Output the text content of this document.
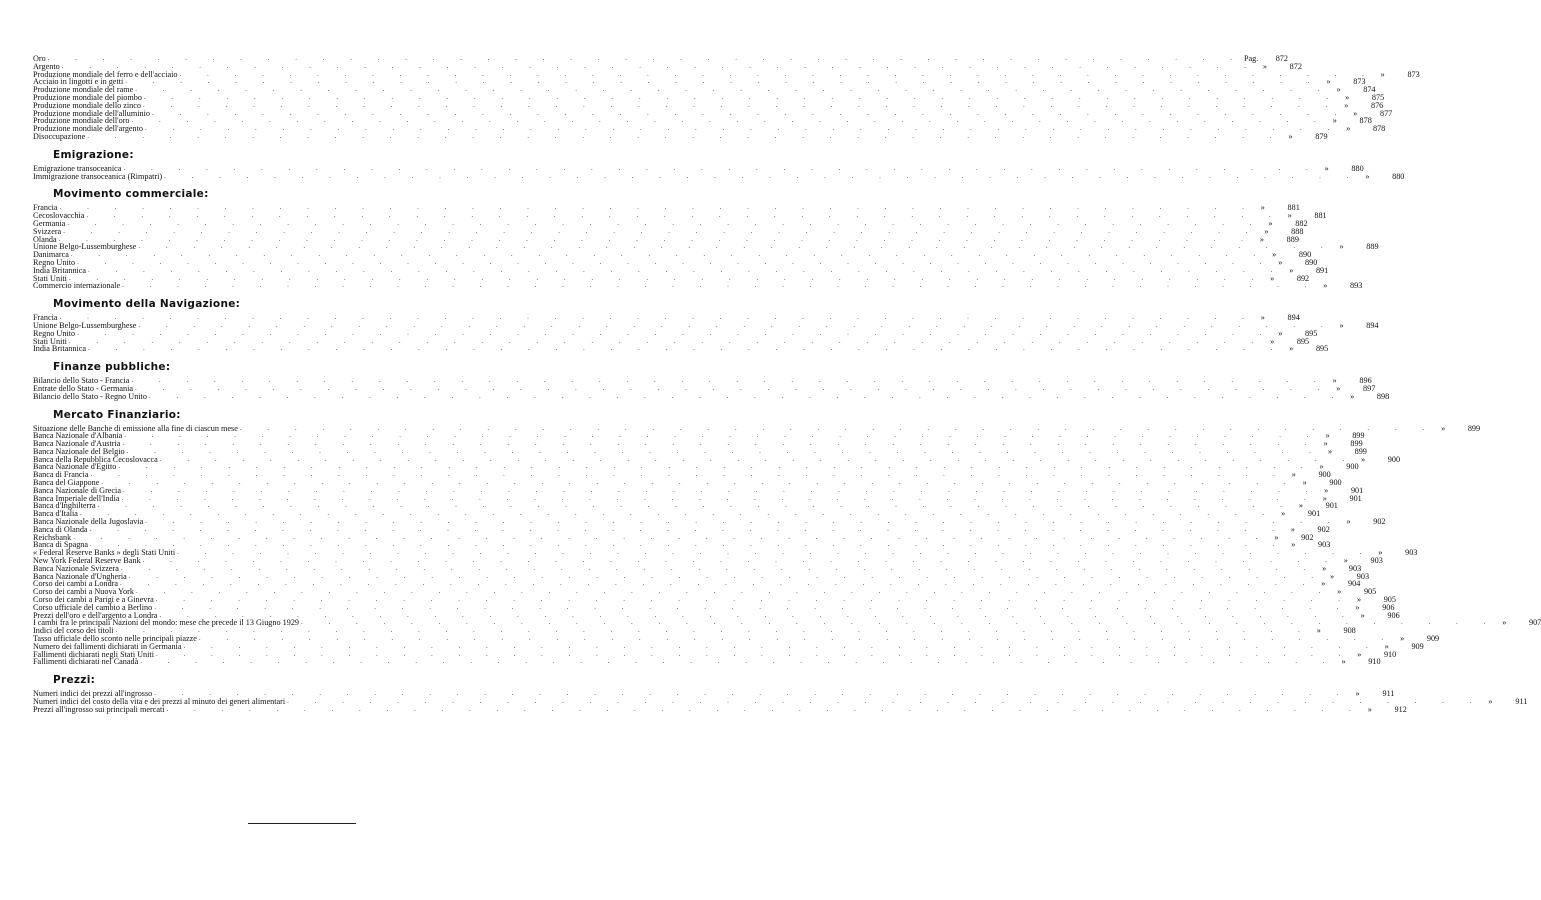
Oro . . . . . . . . . . . . . . . . . . . . . . . . . . . . . . . . . . . . . . . . . . . . Pag.	872
Argento . . . . . . . . . . . . . . . . . . . . . . . . . . . . . . . . . . . . . . . . . . . . »	872
Produzione mondiale del ferro e dell'acciaio . . . . . . . . . . . . . . . . . . . . . . . . . . . . . . . . . . . . . . . . . . . . »	873
Acciaio in lingotti e in getti . . . . . . . . . . . . . . . . . . . . . . . . . . . . . . . . . . . . . . . . . . . . »	873
Produzione mondiale del rame . . . . . . . . . . . . . . . . . . . . . . . . . . . . . . . . . . . . . . . . . . . . »	874
Produzione mondiale del piombo . . . . . . . . . . . . . . . . . . . . . . . . . . . . . . . . . . . . . . . . . . . . »	875
Produzione mondiale dello zinco . . . . . . . . . . . . . . . . . . . . . . . . . . . . . . . . . . . . . . . . . . . . »	876
Produzione mondiale dell'alluminio . . . . . . . . . . . . . . . . . . . . . . . . . . . . . . . . . . . . . . . . . . . . »	877
Produzione mondiale dell'oro . . . . . . . . . . . . . . . . . . . . . . . . . . . . . . . . . . . . . . . . . . . . »	878
Produzione mondiale dell'argento . . . . . . . . . . . . . . . . . . . . . . . . . . . . . . . . . . . . . . . . . . . . »	878
Disoccupazione . . . . . . . . . . . . . . . . . . . . . . . . . . . . . . . . . . . . . . . . . . . . »	879
Emigrazione:
Emigrazione transoceanica . . . . . . . . . . . . . . . . . . . . . . . . . . . . . . . . . . . . . . . . . . . . »	880
Immigrazione transoceanica (Rimpatri) . . . . . . . . . . . . . . . . . . . . . . . . . . . . . . . . . . . . . . . . . . . . »	880
Movimento commerciale:
Francia . . . . . . . . . . . . . . . . . . . . . . . . . . . . . . . . . . . . . . . . . . . . »	881
Cecoslovacchia . . . . . . . . . . . . . . . . . . . . . . . . . . . . . . . . . . . . . . . . . . . . »	881
Germania . . . . . . . . . . . . . . . . . . . . . . . . . . . . . . . . . . . . . . . . . . . . »	882
Svizzera . . . . . . . . . . . . . . . . . . . . . . . . . . . . . . . . . . . . . . . . . . . . »	888
Olanda . . . . . . . . . . . . . . . . . . . . . . . . . . . . . . . . . . . . . . . . . . . . »	889
Unione Belgo-Lussemburghese . . . . . . . . . . . . . . . . . . . . . . . . . . . . . . . . . . . . . . . . . . . . »	889
Danimarca . . . . . . . . . . . . . . . . . . . . . . . . . . . . . . . . . . . . . . . . . . . . »	890
Regno Unito . . . . . . . . . . . . . . . . . . . . . . . . . . . . . . . . . . . . . . . . . . . . »	890
India Britannica . . . . . . . . . . . . . . . . . . . . . . . . . . . . . . . . . . . . . . . . . . . . »	891
Stati Uniti . . . . . . . . . . . . . . . . . . . . . . . . . . . . . . . . . . . . . . . . . . . . »	892
Commercio internazionale . . . . . . . . . . . . . . . . . . . . . . . . . . . . . . . . . . . . . . . . . . . . »	893
Movimento della Navigazione:
Francia . . . . . . . . . . . . . . . . . . . . . . . . . . . . . . . . . . . . . . . . . . . . »	894
Unione Belgo-Lussemburghese . . . . . . . . . . . . . . . . . . . . . . . . . . . . . . . . . . . . . . . . . . . . »	894
Regno Unito . . . . . . . . . . . . . . . . . . . . . . . . . . . . . . . . . . . . . . . . . . . . »	895
Stati Uniti . . . . . . . . . . . . . . . . . . . . . . . . . . . . . . . . . . . . . . . . . . . . »	895
India Britannica . . . . . . . . . . . . . . . . . . . . . . . . . . . . . . . . . . . . . . . . . . . . »	895
Finanze pubbliche:
Bilancio dello Stato - Francia . . . . . . . . . . . . . . . . . . . . . . . . . . . . . . . . . . . . . . . . . . . . »	896
Entrate dello Stato - Germania . . . . . . . . . . . . . . . . . . . . . . . . . . . . . . . . . . . . . . . . . . . . »	897
Bilancio dello Stato - Regno Unito . . . . . . . . . . . . . . . . . . . . . . . . . . . . . . . . . . . . . . . . . . . . »	898
Mercato Finanziario:
Situazione delle Banche di emissione alla fine di ciascun mese . . . . . . . . . . . . . . . . . . . . . . . . . . . . . . . . . . . . . . . . . . . . »	899
Banca Nazionale d'Albania . . . . . . . . . . . . . . . . . . . . . . . . . . . . . . . . . . . . . . . . . . . . »	899
Banca Nazionale d'Austria . . . . . . . . . . . . . . . . . . . . . . . . . . . . . . . . . . . . . . . . . . . . »	899
Banca Nazionale del Belgio . . . . . . . . . . . . . . . . . . . . . . . . . . . . . . . . . . . . . . . . . . . . »	899
Banca della Repubblica Cecoslovacca . . . . . . . . . . . . . . . . . . . . . . . . . . . . . . . . . . . . . . . . . . . . »	900
Banca Nazionale d'Egitto . . . . . . . . . . . . . . . . . . . . . . . . . . . . . . . . . . . . . . . . . . . . »	900
Banca di Francia . . . . . . . . . . . . . . . . . . . . . . . . . . . . . . . . . . . . . . . . . . . . »	900
Banca del Giappone . . . . . . . . . . . . . . . . . . . . . . . . . . . . . . . . . . . . . . . . . . . . »	900
Banca Nazionale di Grecia . . . . . . . . . . . . . . . . . . . . . . . . . . . . . . . . . . . . . . . . . . . . »	901
Banca Imperiale dell'India . . . . . . . . . . . . . . . . . . . . . . . . . . . . . . . . . . . . . . . . . . . . »	901
Banca d'Inghilterra . . . . . . . . . . . . . . . . . . . . . . . . . . . . . . . . . . . . . . . . . . . . »	901
Banca d'Italia . . . . . . . . . . . . . . . . . . . . . . . . . . . . . . . . . . . . . . . . . . . . »	901
Banca Nazionale della Jugoslavia . . . . . . . . . . . . . . . . . . . . . . . . . . . . . . . . . . . . . . . . . . . . »	902
Banca di Olanda . . . . . . . . . . . . . . . . . . . . . . . . . . . . . . . . . . . . . . . . . . . . »	902
Reichsbank . . . . . . . . . . . . . . . . . . . . . . . . . . . . . . . . . . . . . . . . . . . . »	902
Banca di Spagna . . . . . . . . . . . . . . . . . . . . . . . . . . . . . . . . . . . . . . . . . . . . »	903
« Federal Reserve Banks » degli Stati Uniti . . . . . . . . . . . . . . . . . . . . . . . . . . . . . . . . . . . . . . . . . . . . »	903
New York Federal Reserve Bank . . . . . . . . . . . . . . . . . . . . . . . . . . . . . . . . . . . . . . . . . . . . »	903
Banca Nazionale Svizzera . . . . . . . . . . . . . . . . . . . . . . . . . . . . . . . . . . . . . . . . . . . . »	903
Banca Nazionale d'Ungheria . . . . . . . . . . . . . . . . . . . . . . . . . . . . . . . . . . . . . . . . . . . . »	903
Corso dei cambi a Londra . . . . . . . . . . . . . . . . . . . . . . . . . . . . . . . . . . . . . . . . . . . . »	904
Corso dei cambi a Nuova York . . . . . . . . . . . . . . . . . . . . . . . . . . . . . . . . . . . . . . . . . . . . »	905
Corso dei cambi a Parigi e a Ginevra . . . . . . . . . . . . . . . . . . . . . . . . . . . . . . . . . . . . . . . . . . . . »	905
Corso ufficiale del cambio a Berlino . . . . . . . . . . . . . . . . . . . . . . . . . . . . . . . . . . . . . . . . . . . . »	906
Prezzi dell'oro e dell'argento a Londra . . . . . . . . . . . . . . . . . . . . . . . . . . . . . . . . . . . . . . . . . . . . »	906
I cambi fra le principali Nazioni del mondo: mese che precede il 13 Giugno 1929 . . . . . . . . . . . . . . . . . . . . . . . . . . . . . . . . . . . . . . . . . . . . »	907
Indici del corso dei titoli . . . . . . . . . . . . . . . . . . . . . . . . . . . . . . . . . . . . . . . . . . . . »	908
Tasso ufficiale dello sconto nelle principali piazze . . . . . . . . . . . . . . . . . . . . . . . . . . . . . . . . . . . . . . . . . . . . »	909
Numero dei fallimenti dichiarati in Germania . . . . . . . . . . . . . . . . . . . . . . . . . . . . . . . . . . . . . . . . . . . . »	909
Fallimenti dichiarati negli Stati Uniti . . . . . . . . . . . . . . . . . . . . . . . . . . . . . . . . . . . . . . . . . . . . »	910
Fallimenti dichiarati nel Canadà . . . . . . . . . . . . . . . . . . . . . . . . . . . . . . . . . . . . . . . . . . . . »	910
Prezzi:
Numeri indici dei prezzi all'ingrosso . . . . . . . . . . . . . . . . . . . . . . . . . . . . . . . . . . . . . . . . . . . . »	911
Numeri indici del costo della vita e dei prezzi al minuto dei generi alimentari . . . . . . . . . . . . . . . . . . . . . . . . . . . . . . . . . . . . . . . . . . . . »	911
Prezzi all'ingrosso sui principali mercati . . . . . . . . . . . . . . . . . . . . . . . . . . . . . . . . . . . . . . . . . . . . »	912
